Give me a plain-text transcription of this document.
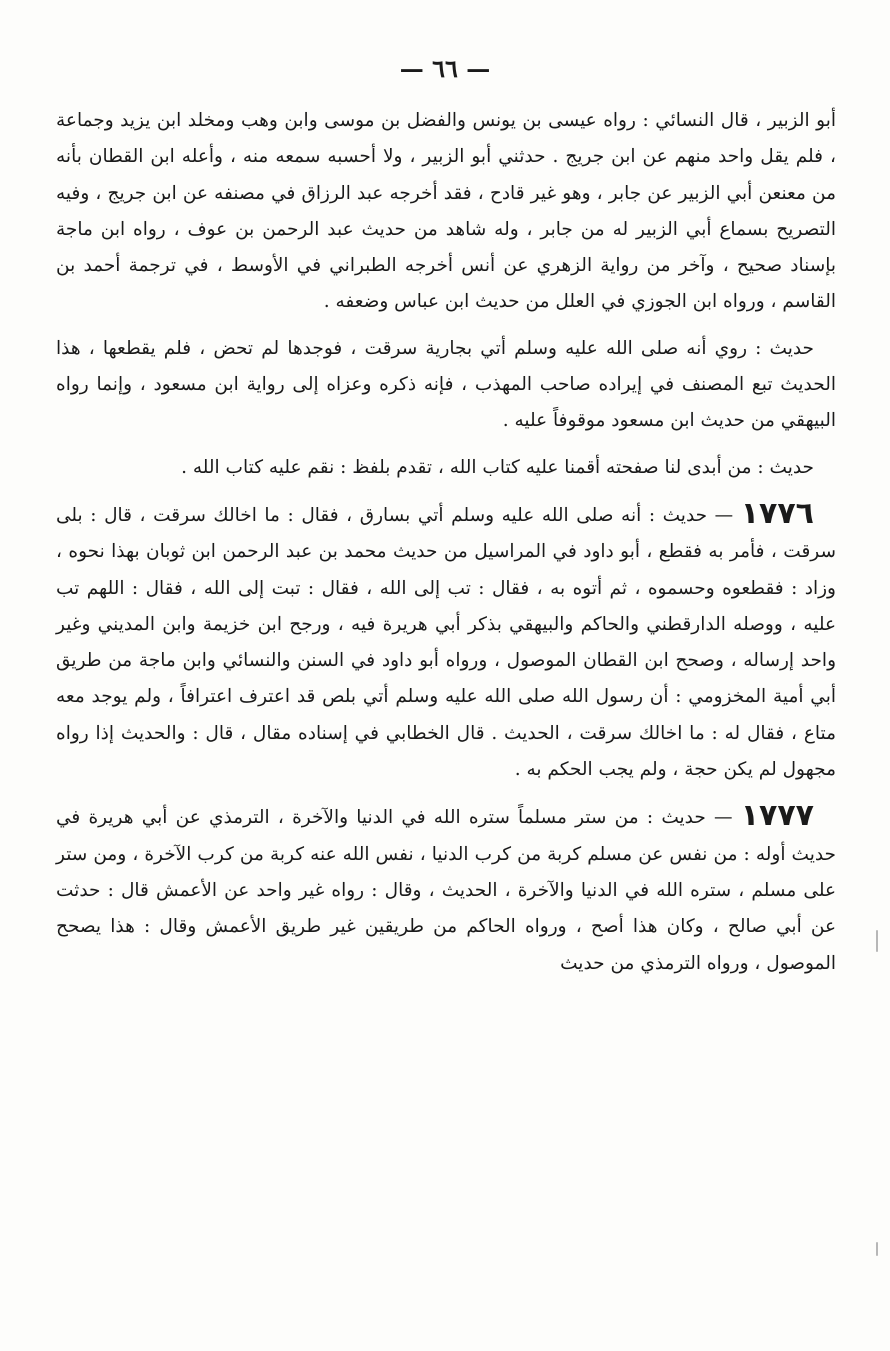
— ٦٦ —

أبو الزبير ، قال النسائي : رواه عيسى بن يونس والفضل بن موسى وابن وهب ومخلد ابن يزيد وجماعة ، فلم يقل واحد منهم عن ابن جريج . حدثني أبو الزبير ، ولا أحسبه سمعه منه ، وأعله ابن القطان بأنه من معنعن أبي الزبير عن جابر ، وهو غير قادح ، فقد أخرجه عبد الرزاق في مصنفه عن ابن جريج ، وفيه التصريح بسماع أبي الزبير له من جابر ، وله شاهد من حديث عبد الرحمن بن عوف ، رواه ابن ماجة بإسناد صحيح ، وآخر من رواية الزهري عن أنس أخرجه الطبراني في الأوسط ، في ترجمة أحمد بن القاسم ، ورواه ابن الجوزي في العلل من حديث ابن عباس وضعفه .

حديث : روي أنه صلى الله عليه وسلم أتي بجارية سرقت ، فوجدها لم تحض ، فلم يقطعها ، هذا الحديث تبع المصنف في إيراده صاحب المهذب ، فإنه ذكره وعزاه إلى رواية ابن مسعود ، وإنما رواه البيهقي من حديث ابن مسعود موقوفاً عليه .

حديث : من أبدى لنا صفحته أقمنا عليه كتاب الله ، تقدم بلفظ : نقم عليه كتاب الله .

١٧٧٦ — حديث : أنه صلى الله عليه وسلم أتي بسارق ، فقال : ما اخالك سرقت ، قال : بلى سرقت ، فأمر به فقطع ، أبو داود في المراسيل من حديث محمد بن عبد الرحمن ابن ثوبان بهذا نحوه ، وزاد : فقطعوه وحسموه ، ثم أتوه به ، فقال : تب إلى الله ، فقال : تبت إلى الله ، فقال : اللهم تب عليه ، ووصله الدارقطني والحاكم والبيهقي بذكر أبي هريرة فيه ، ورجح ابن خزيمة وابن المديني وغير واحد إرساله ، وصحح ابن القطان الموصول ، ورواه أبو داود في السنن والنسائي وابن ماجة من طريق أبي أمية المخزومي : أن رسول الله صلى الله عليه وسلم أتي بلص قد اعترف اعترافاً ، ولم يوجد معه متاع ، فقال له : ما اخالك سرقت ، الحديث . قال الخطابي في إسناده مقال ، قال : والحديث إذا رواه مجهول لم يكن حجة ، ولم يجب الحكم به .

١٧٧٧ — حديث : من ستر مسلماً ستره الله في الدنيا والآخرة ، الترمذي عن أبي هريرة في حديث أوله : من نفس عن مسلم كربة من كرب الدنيا ، نفس الله عنه كربة من كرب الآخرة ، ومن ستر على مسلم ، ستره الله في الدنيا والآخرة ، الحديث ، وقال : رواه غير واحد عن الأعمش قال : حدثت عن أبي صالح ، وكان هذا أصح ، ورواه الحاكم من طريقين غير طريق الأعمش وقال : هذا يصحح الموصول ، ورواه الترمذي من حديث
